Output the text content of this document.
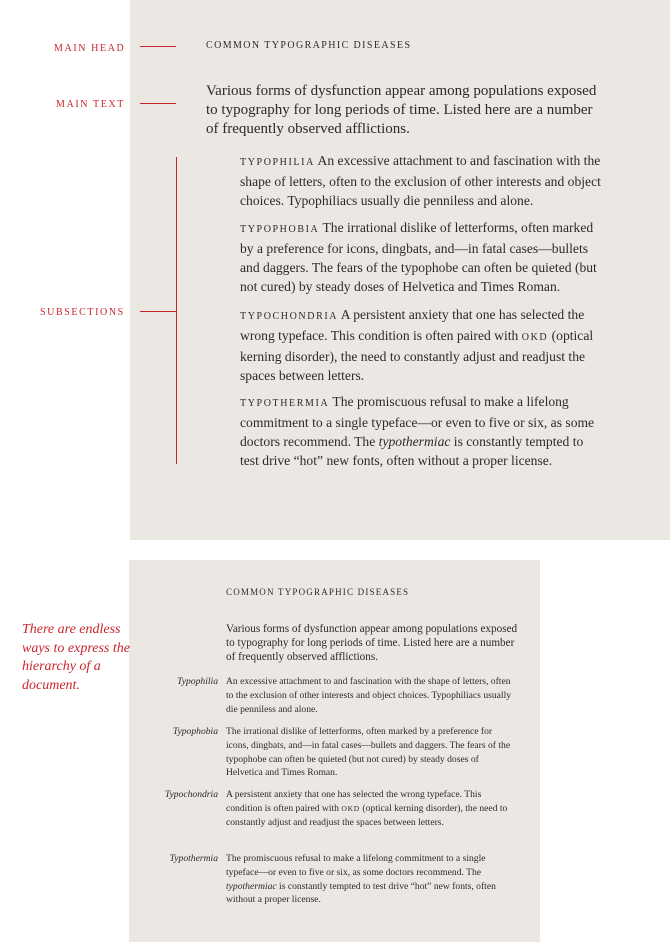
MAIN HEAD
MAIN TEXT
SUBSECTIONS
COMMON TYPOGRAPHIC DISEASES
Various forms of dysfunction appear among populations exposed to typography for long periods of time. Listed here are a number of frequently observed afflictions.
TYPOPHILIA An excessive attachment to and fascination with the shape of letters, often to the exclusion of other interests and object choices. Typophiliacs usually die penniless and alone.
TYPOPHOBIA The irrational dislike of letterforms, often marked by a preference for icons, dingbats, and—in fatal cases—bullets and daggers. The fears of the typophobe can often be quieted (but not cured) by steady doses of Helvetica and Times Roman.
TYPOCHONDRIA A persistent anxiety that one has selected the wrong typeface. This condition is often paired with OKD (optical kerning disorder), the need to constantly adjust and readjust the spaces between letters.
TYPOTHERMIA The promiscuous refusal to make a lifelong commitment to a single typeface—or even to five or six, as some doctors recommend. The typothermiac is constantly tempted to test drive “hot” new fonts, often without a proper license.
There are endless ways to express the hierarchy of a document.
COMMON TYPOGRAPHIC DISEASES
Various forms of dysfunction appear among populations exposed to typography for long periods of time. Listed here are a number of frequently observed afflictions.
Typophilia An excessive attachment to and fascination with the shape of letters, often to the exclusion of other interests and object choices. Typophiliacs usually die penniless and alone.
Typophobia The irrational dislike of letterforms, often marked by a preference for icons, dingbats, and—in fatal cases—bullets and daggers. The fears of the typophobe can often be quieted (but not cured) by steady doses of Helvetica and Times Roman.
Typochondria A persistent anxiety that one has selected the wrong typeface. This condition is often paired with OKD (optical kerning disorder), the need to constantly adjust and readjust the spaces between letters.
Typothermia The promiscuous refusal to make a lifelong commitment to a single typeface—or even to five or six, as some doctors recommend. The typothermiac is constantly tempted to test drive “hot” new fonts, often without a proper license.
